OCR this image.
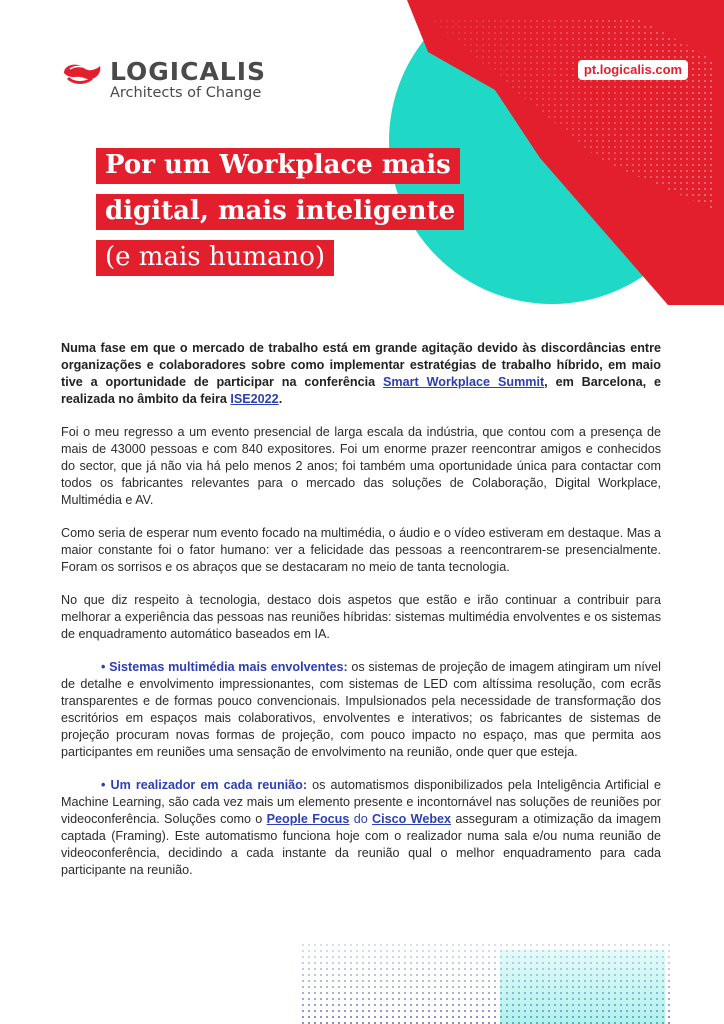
LOGICALIS
Architects of Change
pt.logicalis.com
Por um Workplace mais
digital, mais inteligente
(e mais humano)

Numa fase em que o mercado de trabalho está em grande agitação devido às discordâncias entre organizações e colaboradores sobre como implementar estratégias de trabalho híbrido, em maio tive a oportunidade de participar na conferência Smart Workplace Summit, em Barcelona, e realizada no âmbito da feira ISE2022.

Foi o meu regresso a um evento presencial de larga escala da indústria, que contou com a presença de mais de 43000 pessoas e com 840 expositores. Foi um enorme prazer reencontrar amigos e conhecidos do sector, que já não via há pelo menos 2 anos; foi também uma oportunidade única para contactar com todos os fabricantes relevantes para o mercado das soluções de Colaboração, Digital Workplace, Multimédia e AV.

Como seria de esperar num evento focado na multimédia, o áudio e o vídeo estiveram em destaque. Mas a maior constante foi o fator humano: ver a felicidade das pessoas a reencontrarem-se presencialmente. Foram os sorrisos e os abraços que se destacaram no meio de tanta tecnologia.

No que diz respeito à tecnologia, destaco dois aspetos que estão e irão continuar a contribuir para melhorar a experiência das pessoas nas reuniões híbridas: sistemas multimédia envolventes e os sistemas de enquadramento automático baseados em IA.

• Sistemas multimédia mais envolventes: os sistemas de projeção de imagem atingiram um nível de detalhe e envolvimento impressionantes, com sistemas de LED com altíssima resolução, com ecrãs transparentes e de formas pouco convencionais. Impulsionados pela necessidade de transformação dos escritórios em espaços mais colaborativos, envolventes e interativos; os fabricantes de sistemas de projeção procuram novas formas de projeção, com pouco impacto no espaço, mas que permita aos participantes em reuniões uma sensação de envolvimento na reunião, onde quer que esteja.

• Um realizador em cada reunião: os automatismos disponibilizados pela Inteligência Artificial e Machine Learning, são cada vez mais um elemento presente e incontornável nas soluções de reuniões por videoconferência. Soluções como o People Focus do Cisco Webex asseguram a otimização da imagem captada (Framing). Este automatismo funciona hoje com o realizador numa sala e/ou numa reunião de videoconferência, decidindo a cada instante da reunião qual o melhor enquadramento para cada participante na reunião.
